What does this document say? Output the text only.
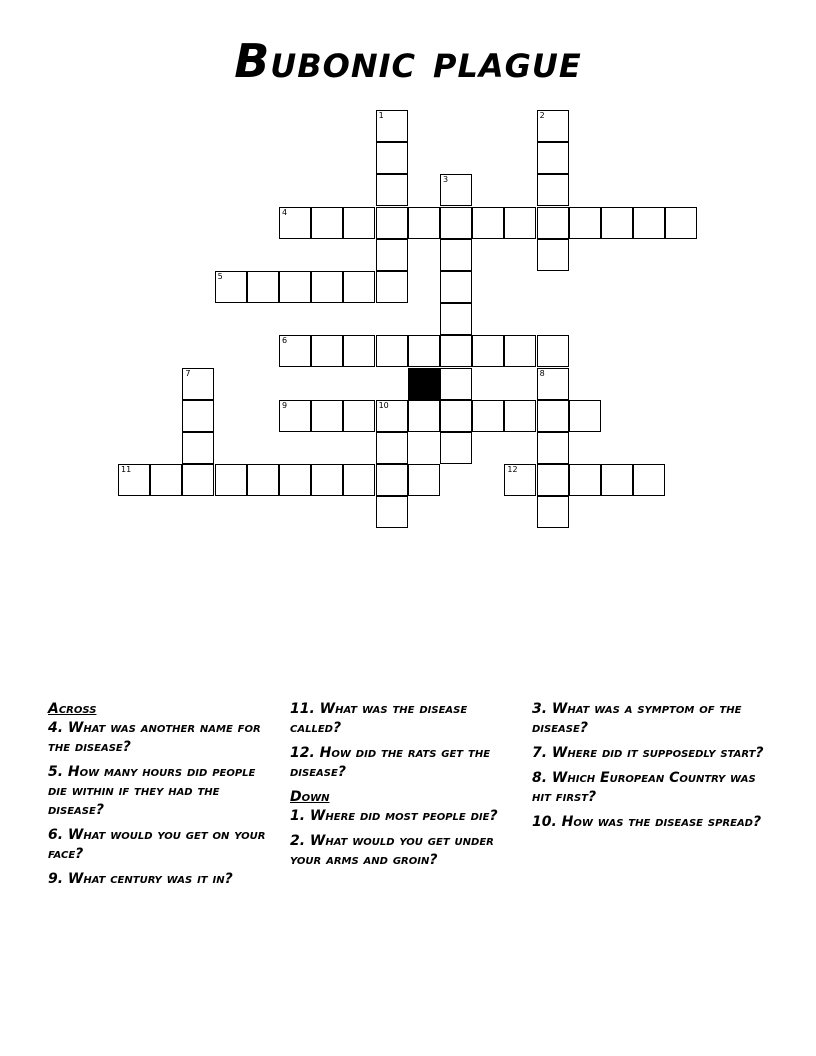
Bubonic plague
1	2
3
4
5
6
7	8
9	10
11	12
Across
4. What was another name for the disease?
5. How many hours did people die within if they had the disease?
6. What would you get on your face?
9. What century was it in?
11. What was the disease called?
12. How did the rats get the disease?
Down
1. Where did most people die?
2. What would you get under your arms and groin?
3. What was a symptom of the disease?
7. Where did it supposedly start?
8. Which European Country was hit first?
10. How was the disease spread?
